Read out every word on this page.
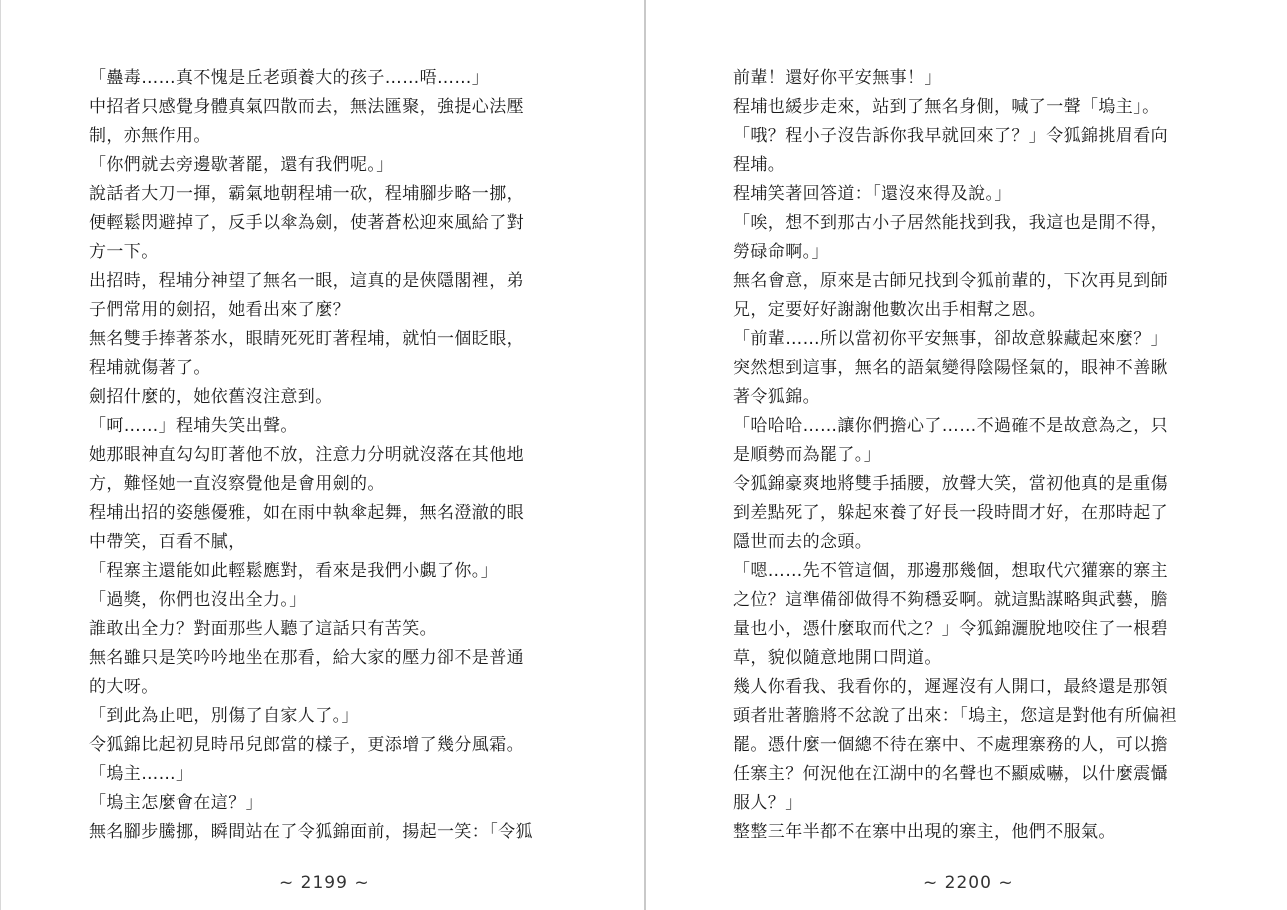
「蠱毒……真不愧是丘老頭養大的孩子……唔……」
中招者只感覺身體真氣四散而去，無法匯聚，強提心法壓
制，亦無作用。
「你們就去旁邊歇著罷，還有我們呢。」
說話者大刀一揮，霸氣地朝程埔一砍，程埔腳步略一挪，
便輕鬆閃避掉了，反手以傘為劍，使著蒼松迎來風給了對
方一下。
出招時，程埔分神望了無名一眼，這真的是俠隱閣裡，弟
子們常用的劍招，她看出來了麼？
無名雙手捧著茶水，眼睛死死盯著程埔，就怕一個眨眼，
程埔就傷著了。
劍招什麼的，她依舊沒注意到。
「呵……」程埔失笑出聲。
她那眼神直勾勾盯著他不放，注意力分明就沒落在其他地
方，難怪她一直沒察覺他是會用劍的。
程埔出招的姿態優雅，如在雨中執傘起舞，無名澄澈的眼
中帶笑，百看不膩，
「程寨主還能如此輕鬆應對，看來是我們小覷了你。」
「過獎，你們也沒出全力。」
誰敢出全力？對面那些人聽了這話只有苦笑。
無名雖只是笑吟吟地坐在那看，給大家的壓力卻不是普通
的大呀。
「到此為止吧，別傷了自家人了。」
令狐錦比起初見時吊兒郎當的樣子，更添增了幾分風霜。
「塢主……」
「塢主怎麼會在這？」
無名腳步騰挪，瞬間站在了令狐錦面前，揚起一笑：「令狐
~ 2199 ~
前輩！還好你平安無事！」
程埔也緩步走來，站到了無名身側，喊了一聲「塢主」。
「哦？程小子沒告訴你我早就回來了？」令狐錦挑眉看向
程埔。
程埔笑著回答道：「還沒來得及說。」
「唉，想不到那古小子居然能找到我，我這也是閒不得，
勞碌命啊。」
無名會意，原來是古師兄找到令狐前輩的，下次再見到師
兄，定要好好謝謝他數次出手相幫之恩。
「前輩……所以當初你平安無事，卻故意躲藏起來麼？」
突然想到這事，無名的語氣變得陰陽怪氣的，眼神不善瞅
著令狐錦。
「哈哈哈……讓你們擔心了……不過確不是故意為之，只
是順勢而為罷了。」
令狐錦豪爽地將雙手插腰，放聲大笑，當初他真的是重傷
到差點死了，躲起來養了好長一段時間才好，在那時起了
隱世而去的念頭。
「嗯……先不管這個，那邊那幾個，想取代穴獾寨的寨主
之位？這準備卻做得不夠穩妥啊。就這點謀略與武藝，膽
量也小，憑什麼取而代之？」令狐錦灑脫地咬住了一根碧
草，貌似隨意地開口問道。
幾人你看我、我看你的，遲遲沒有人開口，最終還是那領
頭者壯著膽將不忿說了出來：「塢主，您這是對他有所偏袒
罷。憑什麼一個總不待在寨中、不處理寨務的人，可以擔
任寨主？何況他在江湖中的名聲也不顯威嚇，以什麼震懾
服人？」
整整三年半都不在寨中出現的寨主，他們不服氣。
~ 2200 ~
